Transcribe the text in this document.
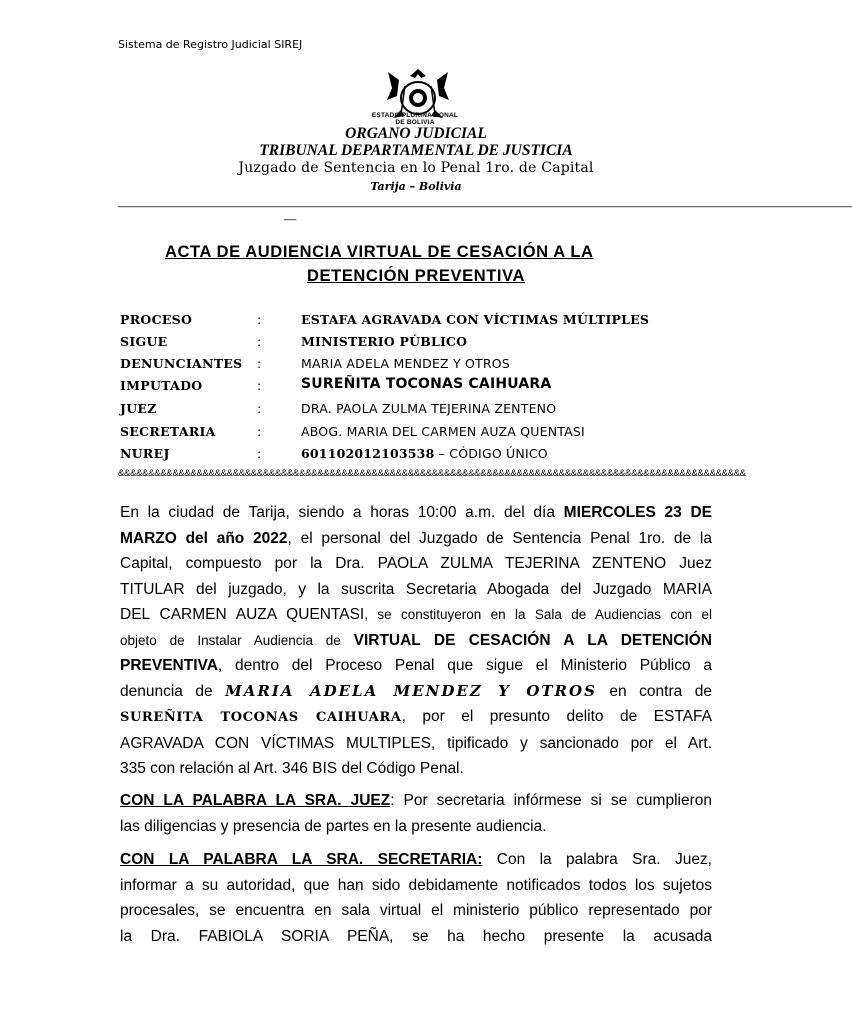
Sistema de Registro Judicial SIREJ
ESTADO PLURINACIONAL
DE BOLIVIA
ORGANO JUDICIAL
TRIBUNAL DEPARTAMENTAL DE JUSTICIA
Juzgado de Sentencia en lo Penal 1ro. de Capital
Tarija – Bolivia
________________________________________________________________________________________________________________________
__
ACTA DE AUDIENCIA VIRTUAL DE CESACIÓN A LA
DETENCIÓN PREVENTIVA
PROCESO	:	ESTAFA AGRAVADA CON VÍCTIMAS MÚLTIPLES
SIGUE	:	MINISTERIO PÚBLICO
DENUNCIANTES :	MARIA ADELA MENDEZ Y OTROS
IMPUTADO	:	SUREÑITA TOCONAS CAIHUARA
JUEZ	:	DRA. PAOLA ZULMA TEJERINA ZENTENO
SECRETARIA	:	ABOG. MARIA DEL CARMEN AUZA QUENTASI
NUREJ	:	601102012103538 – CÓDIGO ÚNICO
&&&&&&&&&&&&&&&&&&&&&&&&&&&&&&&&&&&&&&&&&&&&&&&&&&&&&&&&&&&&&&&&&&&&&&&&&&&&&&&&&&&&&&&&&&&&&&&&&&&&&&&&
En la ciudad de Tarija, siendo a horas 10:00 a.m. del día MIERCOLES 23 DE
MARZO del año 2022, el personal del Juzgado de Sentencia Penal 1ro. de la
Capital, compuesto por la Dra. PAOLA ZULMA TEJERINA ZENTENO Juez
TITULAR del juzgado, y la suscrita Secretaria Abogada del Juzgado MARIA
DEL CARMEN AUZA QUENTASI, se constituyeron en la Sala de Audiencias con el
objeto de Instalar Audiencia de VIRTUAL DE CESACIÓN A LA DETENCIÓN
PREVENTIVA, dentro del Proceso Penal que sigue el Ministerio Público a
denuncia de MARIA ADELA MENDEZ Y OTROS en contra de
SUREÑITA TOCONAS CAIHUARA, por el presunto delito de ESTAFA
AGRAVADA CON VÍCTIMAS MULTIPLES, tipificado y sancionado por el Art.
335 con relación al Art. 346 BIS del Código Penal.
CON LA PALABRA LA SRA. JUEZ: Por secretaria infórmese si se cumplieron
las diligencias y presencia de partes en la presente audiencia.
CON LA PALABRA LA SRA. SECRETARIA: Con la palabra Sra. Juez,
informar a su autoridad, que han sido debidamente notificados todos los sujetos
procesales, se encuentra en sala virtual el ministerio público representado por
la Dra. FABIOLA SORIA PEÑA, se ha hecho presente la acusada
